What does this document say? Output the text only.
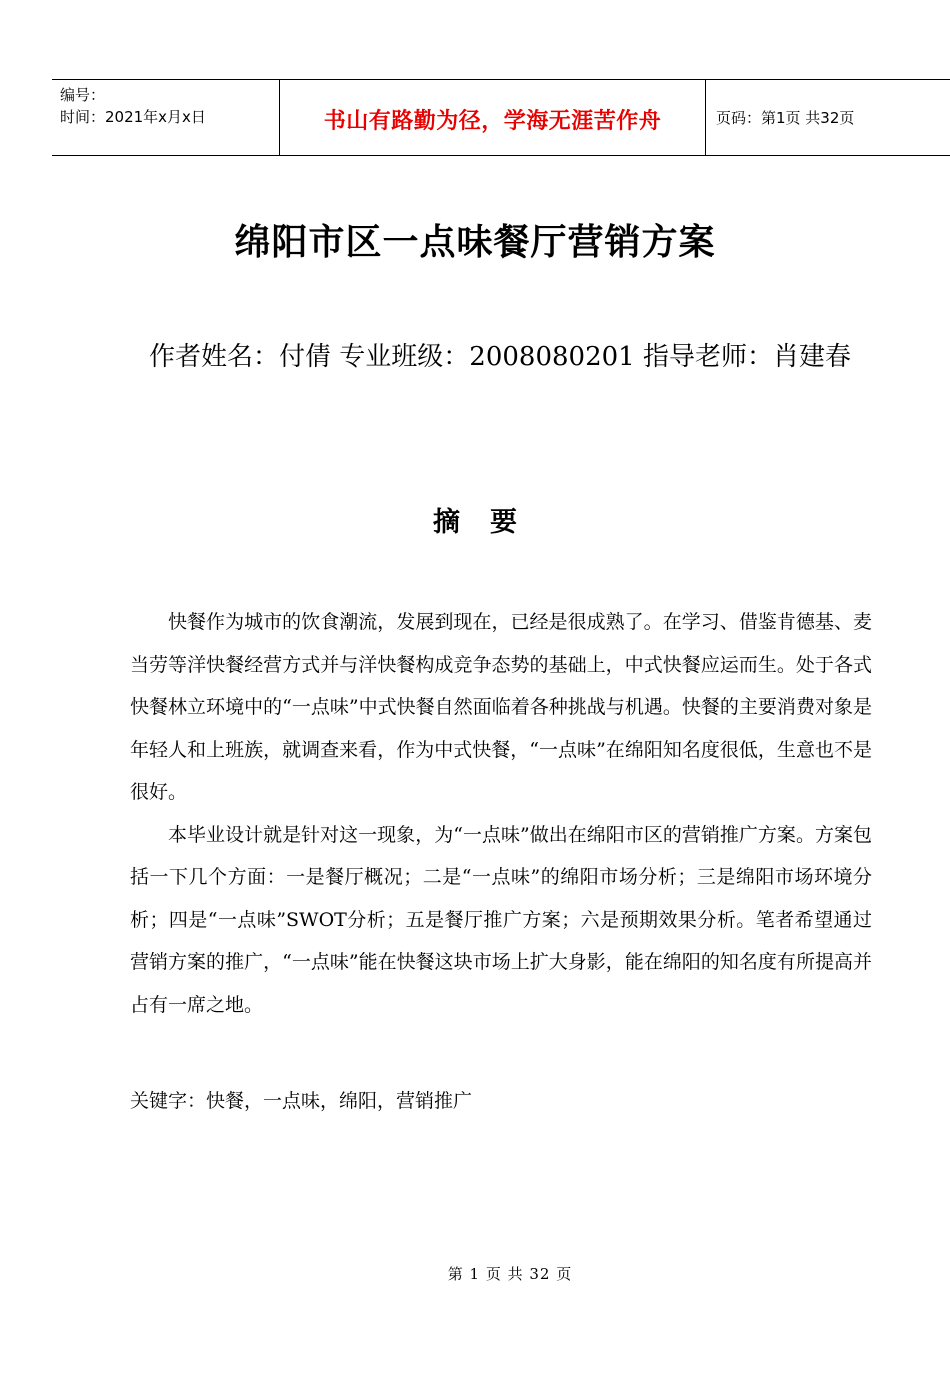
编号：
时间：2021年x月x日	书山有路勤为径，学海无涯苦作舟	页码：第1页 共32页
绵阳市区一点味餐厅营销方案
作者姓名：付倩 专业班级：2008080201 指导老师：肖建春
摘要

快餐作为城市的饮食潮流，发展到现在，已经是很成熟了。在学习、借鉴肯德基、麦当劳等洋快餐经营方式并与洋快餐构成竞争态势的基础上，中式快餐应运而生。处于各式快餐林立环境中的“一点味”中式快餐自然面临着各种挑战与机遇。快餐的主要消费对象是年轻人和上班族，就调查来看，作为中式快餐，“一点味”在绵阳知名度很低，生意也不是很好。

本毕业设计就是针对这一现象，为“一点味”做出在绵阳市区的营销推广方案。方案包括一下几个方面：一是餐厅概况；二是“一点味”的绵阳市场分析；三是绵阳市场环境分析；四是“一点味”SWOT分析；五是餐厅推广方案；六是预期效果分析。笔者希望通过营销方案的推广，“一点味”能在快餐这块市场上扩大身影，能在绵阳的知名度有所提高并占有一席之地。

关键字：快餐，一点味，绵阳，营销推广
第 1 页 共 32 页
